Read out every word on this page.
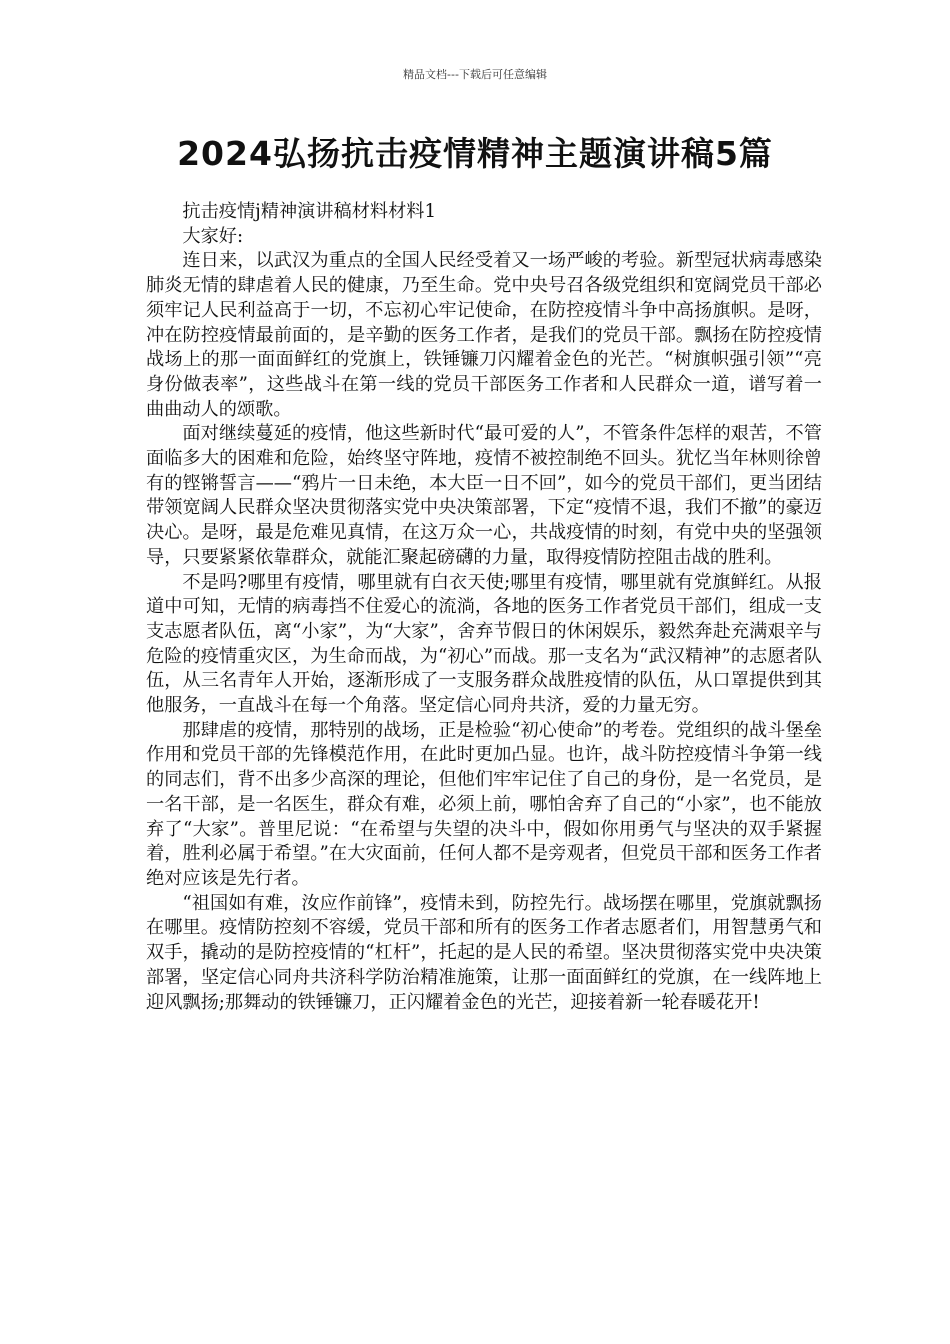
精品文档---下载后可任意编辑
2024弘扬抗击疫情精神主题演讲稿5篇

抗击疫情j精神演讲稿材料材料1

大家好:

连日来，以武汉为重点的全国人民经受着又一场严峻的考验。新型冠状病毒感染肺炎无情的肆虐着人民的健康，乃至生命。党中央号召各级党组织和宽阔党员干部必须牢记人民利益高于一切，不忘初心牢记使命，在防控疫情斗争中高扬旗帜。是呀，冲在防控疫情最前面的，是辛勤的医务工作者，是我们的党员干部。飘扬在防控疫情战场上的那一面面鲜红的党旗上，铁锤镰刀闪耀着金色的光芒。“树旗帜强引领”“亮身份做表率”，这些战斗在第一线的党员干部医务工作者和人民群众一道，谱写着一曲曲动人的颂歌。

面对继续蔓延的疫情，他这些新时代“最可爱的人”，不管条件怎样的艰苦，不管面临多大的困难和危险，始终坚守阵地，疫情不被控制绝不回头。犹忆当年林则徐曾有的铿锵誓言——“鸦片一日未绝，本大臣一日不回”，如今的党员干部们，更当团结带领宽阔人民群众坚决贯彻落实党中央决策部署，下定“疫情不退，我们不撤”的豪迈决心。是呀，最是危难见真情，在这万众一心，共战疫情的时刻，有党中央的坚强领导，只要紧紧依靠群众，就能汇聚起磅礴的力量，取得疫情防控阻击战的胜利。

不是吗?哪里有疫情，哪里就有白衣天使;哪里有疫情，哪里就有党旗鲜红。从报道中可知，无情的病毒挡不住爱心的流淌，各地的医务工作者党员干部们，组成一支支志愿者队伍，离“小家”，为“大家”，舍弃节假日的休闲娱乐，毅然奔赴充满艰辛与危险的疫情重灾区，为生命而战，为“初心”而战。那一支名为“武汉精神”的志愿者队伍，从三名青年人开始，逐渐形成了一支服务群众战胜疫情的队伍，从口罩提供到其他服务，一直战斗在每一个角落。坚定信心同舟共济，爱的力量无穷。

那肆虐的疫情，那特别的战场，正是检验“初心使命”的考卷。党组织的战斗堡垒作用和党员干部的先锋模范作用，在此时更加凸显。也许，战斗防控疫情斗争第一线的同志们，背不出多少高深的理论，但他们牢牢记住了自己的身份，是一名党员，是一名干部，是一名医生，群众有难，必须上前，哪怕舍弃了自己的“小家”，也不能放弃了“大家”。普里尼说：“在希望与失望的决斗中，假如你用勇气与坚决的双手紧握着，胜利必属于希望。”在大灾面前，任何人都不是旁观者，但党员干部和医务工作者绝对应该是先行者。

“祖国如有难，汝应作前锋”，疫情未到，防控先行。战场摆在哪里，党旗就飘扬在哪里。疫情防控刻不容缓，党员干部和所有的医务工作者志愿者们，用智慧勇气和双手，撬动的是防控疫情的“杠杆”，托起的是人民的希望。坚决贯彻落实党中央决策部署，坚定信心同舟共济科学防治精准施策，让那一面面鲜红的党旗，在一线阵地上迎风飘扬;那舞动的铁锤镰刀，正闪耀着金色的光芒，迎接着新一轮春暖花开!
